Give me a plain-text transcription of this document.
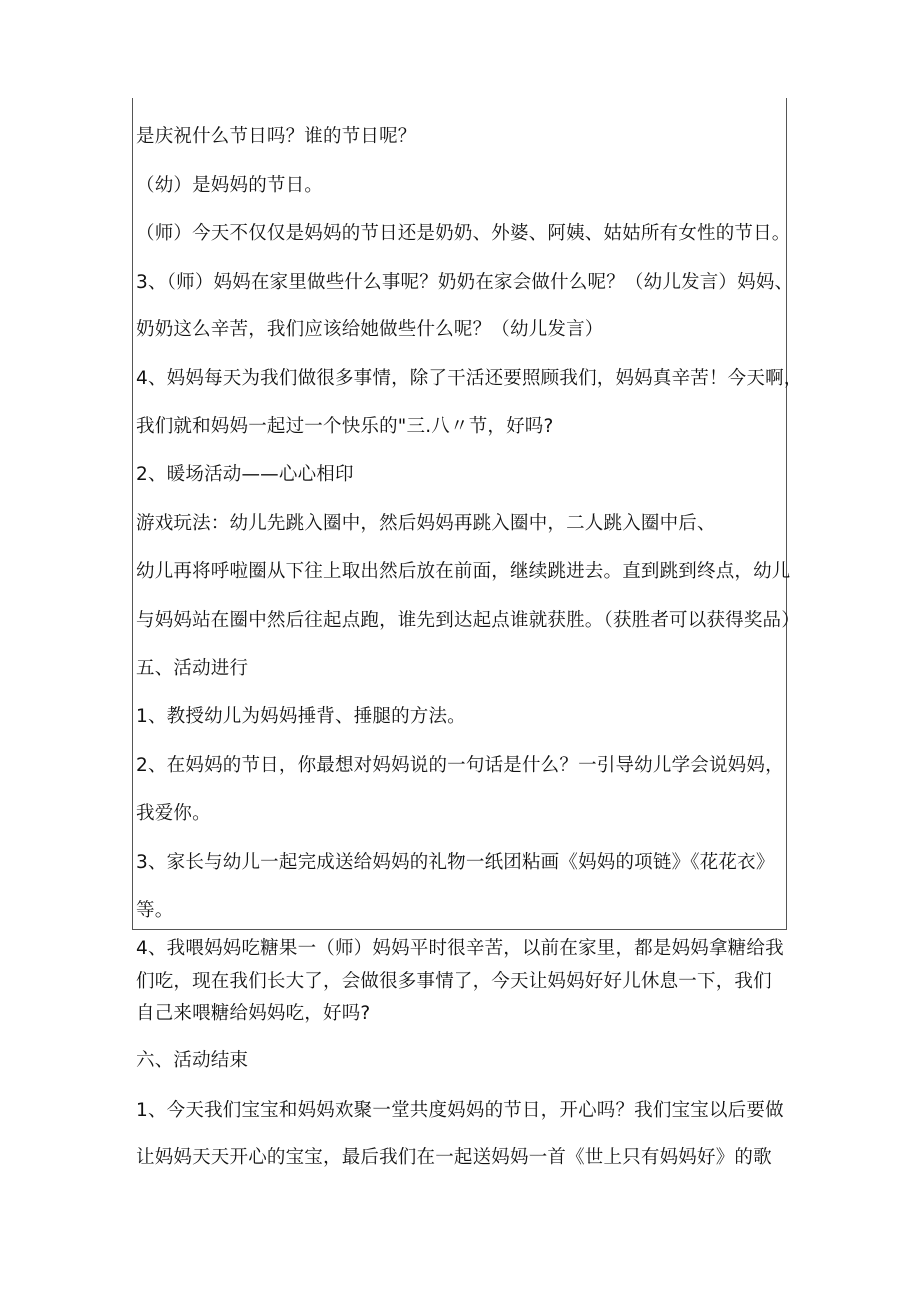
是庆祝什么节日吗？谁的节日呢？
（幼）是妈妈的节日。
（师）今天不仅仅是妈妈的节日还是奶奶、外婆、阿姨、姑姑所有女性的节日。
3、（师）妈妈在家里做些什么事呢？奶奶在家会做什么呢？（幼儿发言）妈妈、
奶奶这么辛苦，我们应该给她做些什么呢？（幼儿发言）
4、妈妈每天为我们做很多事情，除了干活还要照顾我们，妈妈真辛苦！今天啊，
我们就和妈妈一起过一个快乐的"三.八〃节，好吗?
2、暖场活动——心心相印
游戏玩法：幼儿先跳入圈中，然后妈妈再跳入圈中，二人跳入圈中后、
幼儿再将呼啦圈从下往上取出然后放在前面，继续跳进去。直到跳到终点，幼儿
与妈妈站在圈中然后往起点跑，谁先到达起点谁就获胜。（获胜者可以获得奖品）
五、活动进行
1、教授幼儿为妈妈捶背、捶腿的方法。
2、在妈妈的节日，你最想对妈妈说的一句话是什么？一引导幼儿学会说妈妈，
我爱你。
3、家长与幼儿一起完成送给妈妈的礼物一纸团粘画《妈妈的项链》《花花衣》
等。
4、我喂妈妈吃糖果一（师）妈妈平时很辛苦，以前在家里，都是妈妈拿糖给我
们吃，现在我们长大了，会做很多事情了，今天让妈妈好好儿休息一下，我们
自己来喂糖给妈妈吃，好吗?
六、活动结束
1、今天我们宝宝和妈妈欢聚一堂共度妈妈的节日，开心吗？我们宝宝以后要做
让妈妈天天开心的宝宝，最后我们在一起送妈妈一首《世上只有妈妈好》的歌
